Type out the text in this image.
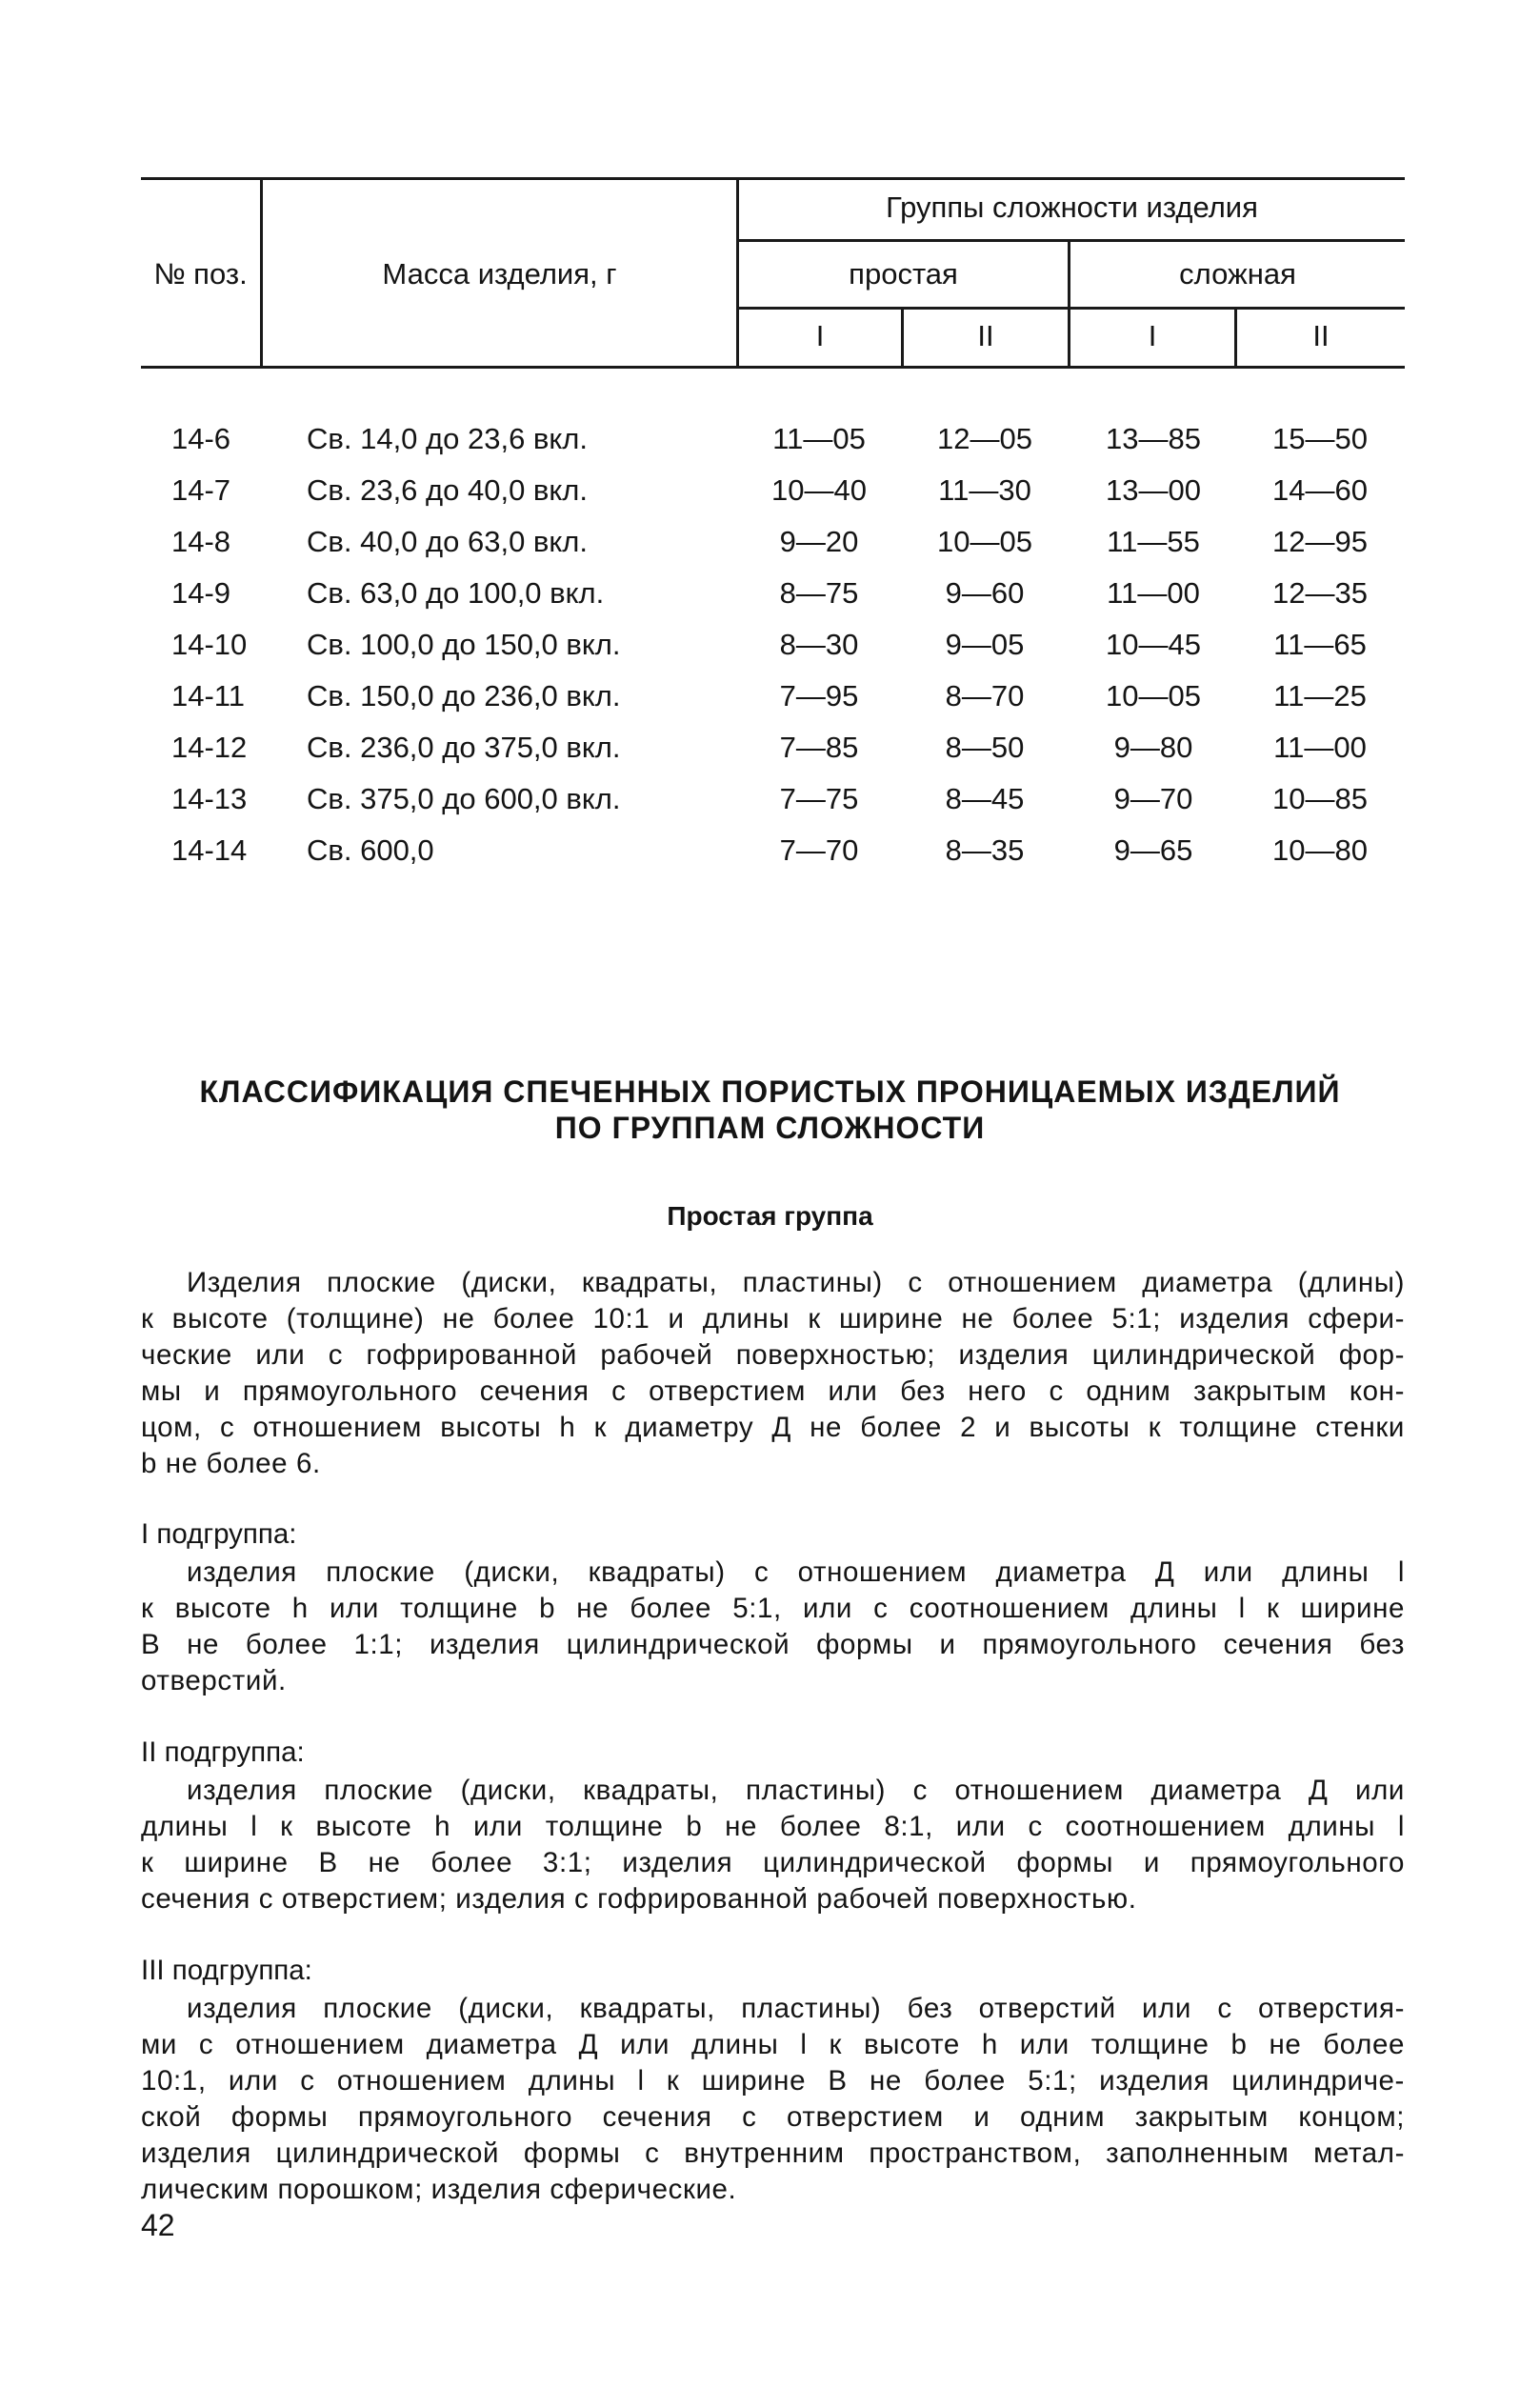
№ поз.	Масса изделия, г
Группы сложности изделия
простая	сложная
I	II	I	II
14-6	Св. 14,0 до 23,6 вкл.	11—05	12—05	13—85	15—50
14-7	Св. 23,6 до 40,0 вкл.	10—40	11—30	13—00	14—60
14-8	Св. 40,0 до 63,0 вкл.	9—20	10—05	11—55	12—95
14-9	Св. 63,0 до 100,0 вкл.	8—75	9—60	11—00	12—35
14-10 Св. 100,0 до 150,0 вкл.	8—30	9—05	10—45	11—65
14-11 Св. 150,0 до 236,0 вкл.	7—95	8—70	10—05	11—25
14-12 Св. 236,0 до 375,0 вкл.	7—85	8—50	9—80	11—00
14-13 Св. 375,0 до 600,0 вкл.	7—75	8—45	9—70	10—85
14-14 Св. 600,0	7—70	8—35	9—65	10—80
КЛАССИФИКАЦИЯ СПЕЧЕННЫХ ПОРИСТЫХ ПРОНИЦАЕМЫХ ИЗДЕЛИЙ
ПО ГРУППАМ СЛОЖНОСТИ
Простая группа
Изделия плоские (диски, квадраты, пластины) с отношением диаметра (длины)
к высоте (толщине) не более 10:1 и длины к ширине не более 5:1; изделия сфери-
ческие или с гофрированной рабочей поверхностью; изделия цилиндрической фор-
мы и прямоугольного сечения с отверстием или без него с одним закрытым кон-
цом, с отношением высоты h к диаметру Д не более 2 и высоты к толщине стенки
b не более 6.
I подгруппа:
изделия плоские (диски, квадраты) с отношением диаметра Д или длины l
к высоте h или толщине b не более 5:1, или с соотношением длины l к ширине
В не более 1:1; изделия цилиндрической формы и прямоугольного сечения без
отверстий.
II подгруппа:
изделия плоские (диски, квадраты, пластины) с отношением диаметра Д или
длины l к высоте h или толщине b не более 8:1, или с соотношением длины l
к ширине В не более 3:1; изделия цилиндрической формы и прямоугольного
сечения с отверстием; изделия с гофрированной рабочей поверхностью.
III подгруппа:
изделия плоские (диски, квадраты, пластины) без отверстий или с отверстия-
ми с отношением диаметра Д или длины l к высоте h или толщине b не более
10:1, или с отношением длины l к ширине В не более 5:1; изделия цилиндриче-
ской формы прямоугольного сечения с отверстием и одним закрытым концом;
изделия цилиндрической формы с внутренним пространством, заполненным метал-
лическим порошком; изделия сферические.
42
